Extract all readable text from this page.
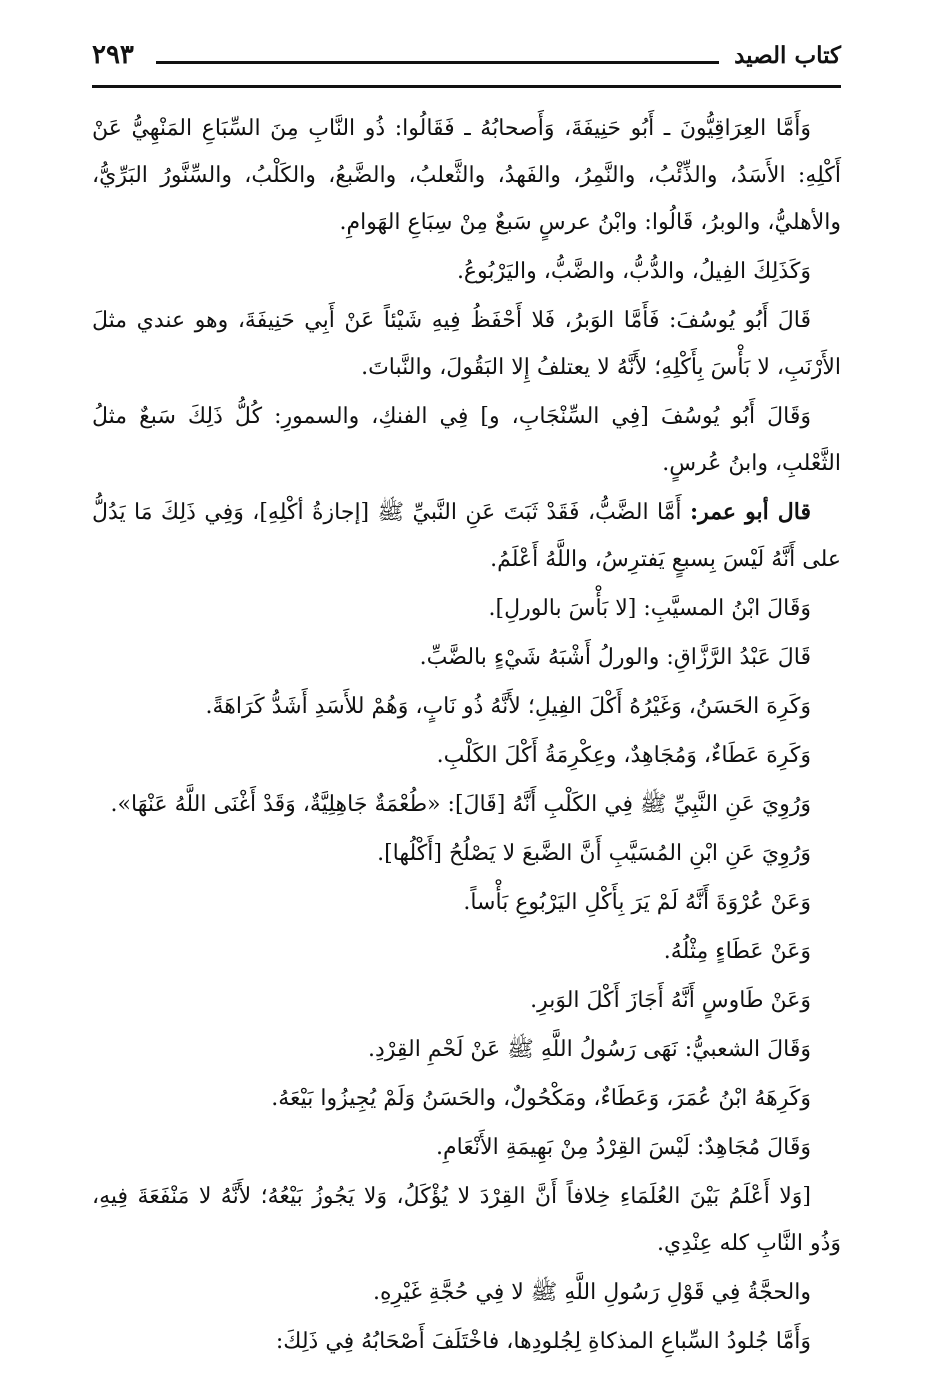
كتاب الصيد
٢٩٣

وَأَمَّا العِرَاقِيُّونَ ـ أَبُو حَنِيفَةَ، وَأَصحابُهُ ـ فَقَالُوا: ذُو النَّابِ مِنَ السِّبَاعِ المَنْهِيُّ عَنْ أَكْلِهِ: الأَسَدُ، والذِّئْبُ، والنَّمِرُ، والفَهدُ، والثَّعلبُ، والضَّبعُ، والكَلْبُ، والسِّنَّورُ البَرِّيُّ، والأهليُّ، والوبرُ، قَالُوا: وابْنُ عرسٍ سَبعٌ مِنْ سِبَاعِ الهَوامِ.

وَكَذَلِكَ الفِيلُ، والدُّبُّ، والضَّبُّ، واليَرْبُوعُ.

قَالَ أَبُو يُوسُفَ: فَأَمَّا الوَبرُ، فَلا أَحْفَظُ فِيهِ شَيْئاً عَنْ أَبِي حَنِيفَةَ، وهو عندي مثلَ الأَرْنَبِ، لا بَأْسَ بِأَكْلِهِ؛ لأَنَّهُ لا يعتلفُ إِلا البَقُولَ، والنَّباتَ.

وَقَالَ أَبُو يُوسُفَ [فِي السِّنْجَابِ، و] فِي الفنكِ، والسمورِ: كُلُّ ذَلِكَ سَبعٌ مثلُ الثَّعْلبِ، وابنُ عُرسٍ.

قال أبو عمر: أَمَّا الضَّبُّ، فَقَدْ ثَبَتَ عَنِ النَّبيِّ ﷺ [إجازةُ أكْلِهِ]، وَفِي ذَلِكَ مَا يَدُلُّ على أَنَّهُ لَيْسَ بِسبعٍ يَفترِسُ، واللَّهُ أَعْلَمُ.

وَقَالَ ابْنُ المسيَّبِ: [لا بَأْسَ بالورلِ].

قَالَ عَبْدُ الرَّزَّاقِ: والورلُ أَشْبَهُ شَيْءٍ بالضَّبِّ.

وَكَرِهَ الحَسَنُ، وَغَيْرُهُ أَكْلَ الفِيلِ؛ لأَنَّهُ ذُو نَابٍ، وَهُمْ للأَسَدِ أَشَدُّ كَرَاهَةً.

وَكَرِهَ عَطَاءٌ، وَمُجَاهِدٌ، وعِكْرِمَةُ أَكْلَ الكَلْبِ.

وَرُوِيَ عَنِ النَّبِيِّ ﷺ فِي الكَلْبِ أَنَّهُ [قَالَ]: «طُعْمَةٌ جَاهِلِيَّةٌ، وَقَدْ أَغْنَى اللَّهُ عَنْهَا».

وَرُوِيَ عَنِ ابْنِ المُسَيَّبِ أَنَّ الضَّبعَ لا يَصْلُحُ [أَكْلُها].

وَعَنْ عُرْوَةَ أَنَّهُ لَمْ يَرَ بِأَكْلِ اليَرْبُوعِ بَأْساً.

وَعَنْ عَطَاءٍ مِثْلُهُ.

وَعَنْ طَاوسٍ أَنَّهُ أَجَازَ أَكْلَ الوَبرِ.

وَقَالَ الشعبيُّ: نَهَى رَسُولُ اللَّهِ ﷺ عَنْ لَحْمِ القِرْدِ.

وَكَرِهَهُ ابْنُ عُمَرَ، وَعَطَاءٌ، ومَكْحُولٌ، والحَسَنُ وَلَمْ يُجِيزُوا بَيْعَهُ.

وَقَالَ مُجَاهِدٌ: لَيْسَ القِرْدُ مِنْ بَهِيمَةِ الأَنْعَامِ.

[وَلا أَعْلَمُ بَيْنَ العُلَمَاءِ خِلافاً أَنَّ القِرْدَ لا يُؤْكَلُ، وَلا يَجُوزُ بَيْعُهُ؛ لأَنَّهُ لا مَنْفَعَةَ فِيهِ، وَذُو النَّابِ كله عِنْدِي.

والحجَّةُ فِي قَوْلِ رَسُولِ اللَّهِ ﷺ لا فِي حُجَّةِ غَيْرِهِ.

وَأَمَّا جُلودُ السِّباعِ المذكاةِ لِجُلودِها، فاخْتَلَفَ أَصْحَابُهُ فِي ذَلِكَ:
